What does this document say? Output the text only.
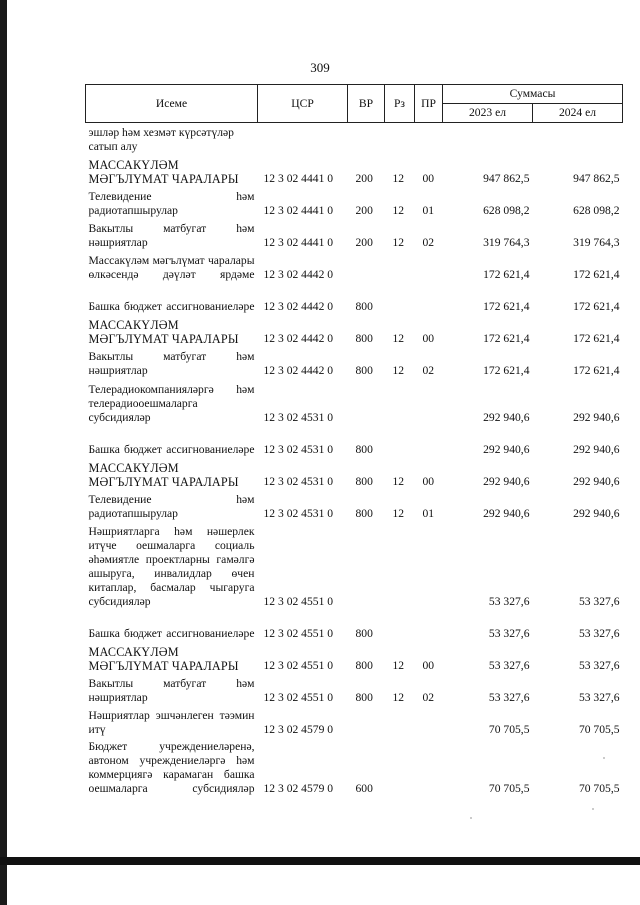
309
Исеме	ЦСР	ВР	Рз	ПР	Суммасы	
					2023 ел	2024 ел
эшләр һәм хезмәт күрсәтүләр сатып алу						
МАССАКҮЛӘМ МӘГЪЛҮМАТ ЧАРАЛАРЫ	12 3 02 4441 0	200	12	00	947 862,5	947 862,5
Телевидение һәм радиотапшырулар	12 3 02 4441 0	200	12	01	628 098,2	628 098,2
Вакытлы матбугат һәм нәшриятлар	12 3 02 4441 0	200	12	02	319 764,3	319 764,3
Массакүләм мәгълүмат чаралары өлкәсендә дәүләт ярдәме	12 3 02 4442 0				172 621,4	172 621,4
Башка бюджет ассигнованиеләре	12 3 02 4442 0	800			172 621,4	172 621,4
МАССАКҮЛӘМ МӘГЪЛҮМАТ ЧАРАЛАРЫ	12 3 02 4442 0	800	12	00	172 621,4	172 621,4
Вакытлы матбугат һәм нәшриятлар	12 3 02 4442 0	800	12	02	172 621,4	172 621,4
Телерадиокомпанияләргә һәм телерадиооешмаларга субсидияләр	12 3 02 4531 0				292 940,6	292 940,6
Башка бюджет ассигнованиеләре	12 3 02 4531 0	800			292 940,6	292 940,6
МАССАКҮЛӘМ МӘГЪЛҮМАТ ЧАРАЛАРЫ	12 3 02 4531 0	800	12	00	292 940,6	292 940,6
Телевидение һәм радиотапшырулар	12 3 02 4531 0	800	12	01	292 940,6	292 940,6
Нәшриятларга һәм нәшерлек итүче оешмаларга социаль әһәмиятле проектларны гамәлгә ашыруга, инвалидлар өчен китаплар, басмалар чыгаруга субсидияләр	12 3 02 4551 0				53 327,6	53 327,6
Башка бюджет ассигнованиеләре	12 3 02 4551 0	800			53 327,6	53 327,6
МАССАКҮЛӘМ МӘГЪЛҮМАТ ЧАРАЛАРЫ	12 3 02 4551 0	800	12	00	53 327,6	53 327,6
Вакытлы матбугат һәм нәшриятлар	12 3 02 4551 0	800	12	02	53 327,6	53 327,6
Нәшриятлар эшчәнлеген тәэмин итү	12 3 02 4579 0				70 705,5	70 705,5
Бюджет учреждениеләренә, автоном учреждениеләргә һәм коммерциягә карамаган башка оешмаларга субсидияләр	12 3 02 4579 0	600			70 705,5	70 705,5
